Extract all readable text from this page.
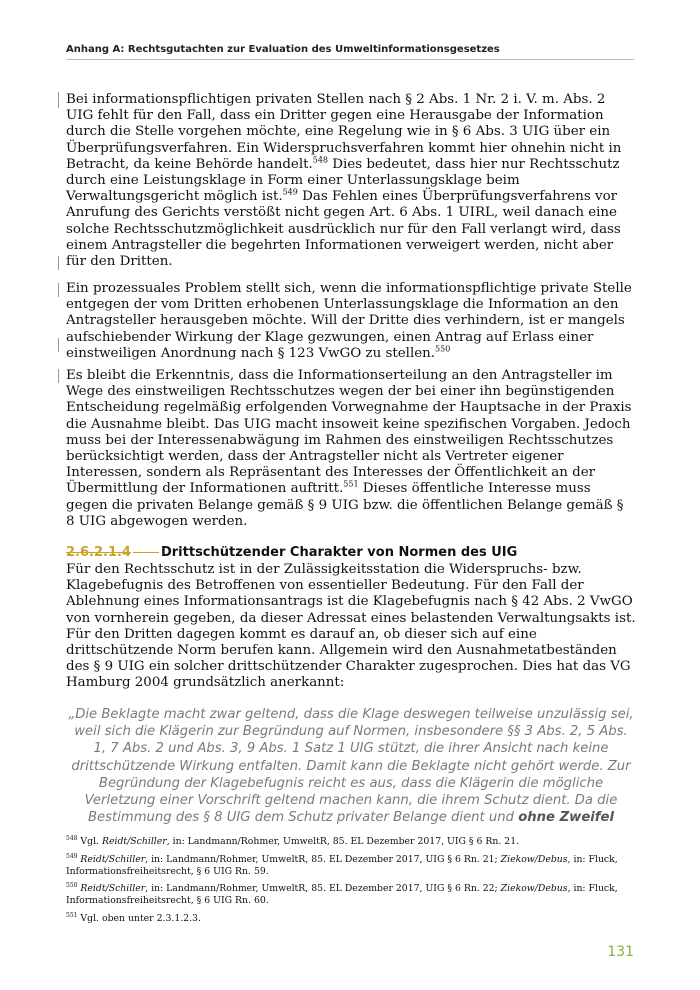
Anhang A: Rechtsgutachten zur Evaluation des Umweltinformationsgesetzes

Bei informationspflichtigen privaten Stellen nach § 2 Abs. 1 Nr. 2 i. V. m. Abs. 2 UIG fehlt für den Fall, dass ein Dritter gegen eine Herausgabe der Information durch die Stelle vorgehen möchte, eine Regelung wie in § 6 Abs. 3 UIG über ein Überprüfungsverfahren. Ein Widerspruchsverfahren kommt hier ohnehin nicht in Betracht, da keine Behörde handelt.$^{548}$ Dies bedeutet, dass hier nur Rechtsschutz durch eine Leistungsklage in Form einer Unterlassungsklage beim Verwaltungsgericht möglich ist.$^{549}$ Das Fehlen eines Überprüfungsverfahrens vor Anrufung des Gerichts verstößt nicht gegen Art. 6 Abs. 1 UIRL, weil danach eine solche Rechtsschutzmöglichkeit ausdrücklich nur für den Fall verlangt wird, dass einem Antragsteller die begehrten Informationen verweigert werden, nicht aber für den Dritten.

Ein prozessuales Problem stellt sich, wenn die informationspflichtige private Stelle entgegen der vom Dritten erhobenen Unterlassungsklage die Information an den Antragsteller herausgeben möchte. Will der Dritte dies verhindern, ist er mangels aufschiebender Wirkung der Klage gezwungen, einen Antrag auf Erlass einer einstweiligen Anordnung nach § 123 VwGO zu stellen.$^{550}$

Es bleibt die Erkenntnis, dass die Informationserteilung an den Antragsteller im Wege des einstweiligen Rechtsschutzes wegen der bei einer ihn begünstigenden Entscheidung regelmäßig erfolgenden Vorwegnahme der Hauptsache in der Praxis die Ausnahme bleibt. Das UIG macht insoweit keine spezifischen Vorgaben. Jedoch muss bei der Interessenabwägung im Rahmen des einstweiligen Rechtsschutzes berücksichtigt werden, dass der Antragsteller nicht als Vertreter eigener Interessen, sondern als Repräsentant des Interesses der Öffentlichkeit an der Übermittlung der Informationen auftritt.$^{551}$ Dieses öffentliche Interesse muss gegen die privaten Belange gemäß § 9 UIG bzw. die öffentlichen Belange gemäß § 8 UIG abgewogen werden.

2.6.2.1.4 Drittschützender Charakter von Normen des UIG

Für den Rechtsschutz ist in der Zulässigkeitsstation die Widerspruchs- bzw. Klagebefugnis des Betroffenen von essentieller Bedeutung. Für den Fall der Ablehnung eines Informationsantrags ist die Klagebefugnis nach § 42 Abs. 2 VwGO von vornherein gegeben, da dieser Adressat eines belastenden Verwaltungsakts ist. Für den Dritten dagegen kommt es darauf an, ob dieser sich auf eine drittschützende Norm berufen kann. Allgemein wird den Ausnahmetatbeständen des § 9 UIG ein solcher drittschützender Charakter zugesprochen. Dies hat das VG Hamburg 2004 grundsätzlich anerkannt:

„Die Beklagte macht zwar geltend, dass die Klage deswegen teilweise unzulässig sei, weil sich die Klägerin zur Begründung auf Normen, insbesondere §§ 3 Abs. 2, 5 Abs. 1, 7 Abs. 2 und Abs. 3, 9 Abs. 1 Satz 1 UIG stützt, die ihrer Ansicht nach keine drittschützende Wirkung entfalten. Damit kann die Beklagte nicht gehört werde. Zur Begründung der Klagebefugnis reicht es aus, dass die Klägerin die mögliche Verletzung einer Vorschrift geltend machen kann, die ihrem Schutz dient. Da die Bestimmung des § 8 UIG dem Schutz privater Belange dient und ohne Zweifel

$^{548}$ Vgl. Reidt/Schiller, in: Landmann/Rohmer, UmweltR, 85. EL Dezember 2017, UIG § 6 Rn. 21.

$^{549}$ Reidt/Schiller, in: Landmann/Rohmer, UmweltR, 85. EL Dezember 2017, UIG § 6 Rn. 21; Ziekow/Debus, in: Fluck, Informationsfreiheitsrecht, § 6 UIG Rn. 59.

$^{550}$ Reidt/Schiller, in: Landmann/Rohmer, UmweltR, 85. EL Dezember 2017, UIG § 6 Rn. 22; Ziekow/Debus, in: Fluck, Informationsfreiheitsrecht, § 6 UIG Rn. 60.

$^{551}$ Vgl. oben unter 2.3.1.2.3.

131
